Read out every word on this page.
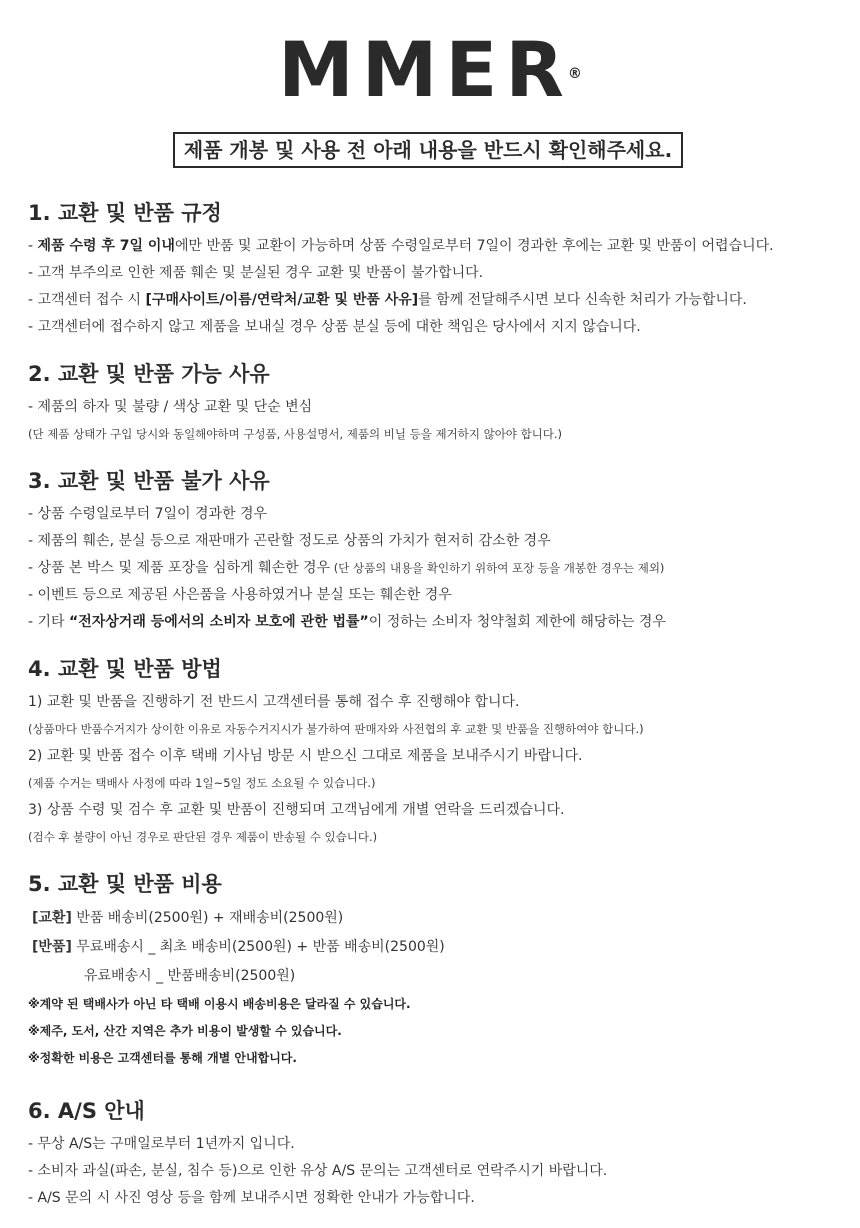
MMER®
제품 개봉 및 사용 전 아래 내용을 반드시 확인해주세요.
1. 교환 및 반품 규정
- 제품 수령 후 7일 이내에만 반품 및 교환이 가능하며 상품 수령일로부터 7일이 경과한 후에는 교환 및 반품이 어렵습니다.
- 고객 부주의로 인한 제품 훼손 및 분실된 경우 교환 및 반품이 불가합니다.
- 고객센터 접수 시 [구매사이트/이름/연락처/교환 및 반품 사유]를 함께 전달해주시면 보다 신속한 처리가 가능합니다.
- 고객센터에 접수하지 않고 제품을 보내실 경우 상품 분실 등에 대한 책임은 당사에서 지지 않습니다.
2. 교환 및 반품 가능 사유
- 제품의 하자 및 불량 / 색상 교환 및 단순 변심
(단 제품 상태가 구입 당시와 동일해야하며 구성품, 사용설명서, 제품의 비닐 등을 제거하지 않아야 합니다.)
3. 교환 및 반품 불가 사유
- 상품 수령일로부터 7일이 경과한 경우
- 제품의 훼손, 분실 등으로 재판매가 곤란할 정도로 상품의 가치가 현저히 감소한 경우
- 상품 본 박스 및 제품 포장을 심하게 훼손한 경우 (단 상품의 내용을 확인하기 위하여 포장 등을 개봉한 경우는 제외)
- 이벤트 등으로 제공된 사은품을 사용하였거나 분실 또는 훼손한 경우
- 기타 “전자상거래 등에서의 소비자 보호에 관한 법률”이 정하는 소비자 청약철회 제한에 해당하는 경우
4. 교환 및 반품 방법
1) 교환 및 반품을 진행하기 전 반드시 고객센터를 통해 접수 후 진행해야 합니다.
(상품마다 반품수거지가 상이한 이유로 자동수거지시가 불가하여 판매자와 사전협의 후 교환 및 반품을 진행하여야 합니다.)
2) 교환 및 반품 접수 이후 택배 기사님 방문 시 받으신 그대로 제품을 보내주시기 바랍니다.
(제품 수거는 택배사 사정에 따라 1일~5일 정도 소요될 수 있습니다.)
3) 상품 수령 및 검수 후 교환 및 반품이 진행되며 고객님에게 개별 연락을 드리겠습니다.
(검수 후 불량이 아닌 경우로 판단된 경우 제품이 반송될 수 있습니다.)
5. 교환 및 반품 비용
[교환] 반품 배송비(2500원) + 재배송비(2500원)
[반품] 무료배송시 _ 최초 배송비(2500원) + 반품 배송비(2500원)
유료배송시 _ 반품배송비(2500원)
※계약 된 택배사가 아닌 타 택배 이용시 배송비용은 달라질 수 있습니다.
※제주, 도서, 산간 지역은 추가 비용이 발생할 수 있습니다.
※정확한 비용은 고객센터를 통해 개별 안내합니다.
6. A/S 안내
- 무상 A/S는 구매일로부터 1년까지 입니다.
- 소비자 과실(파손, 분실, 침수 등)으로 인한 유상 A/S 문의는 고객센터로 연락주시기 바랍니다.
- A/S 문의 시 사진 영상 등을 함께 보내주시면 정확한 안내가 가능합니다.
